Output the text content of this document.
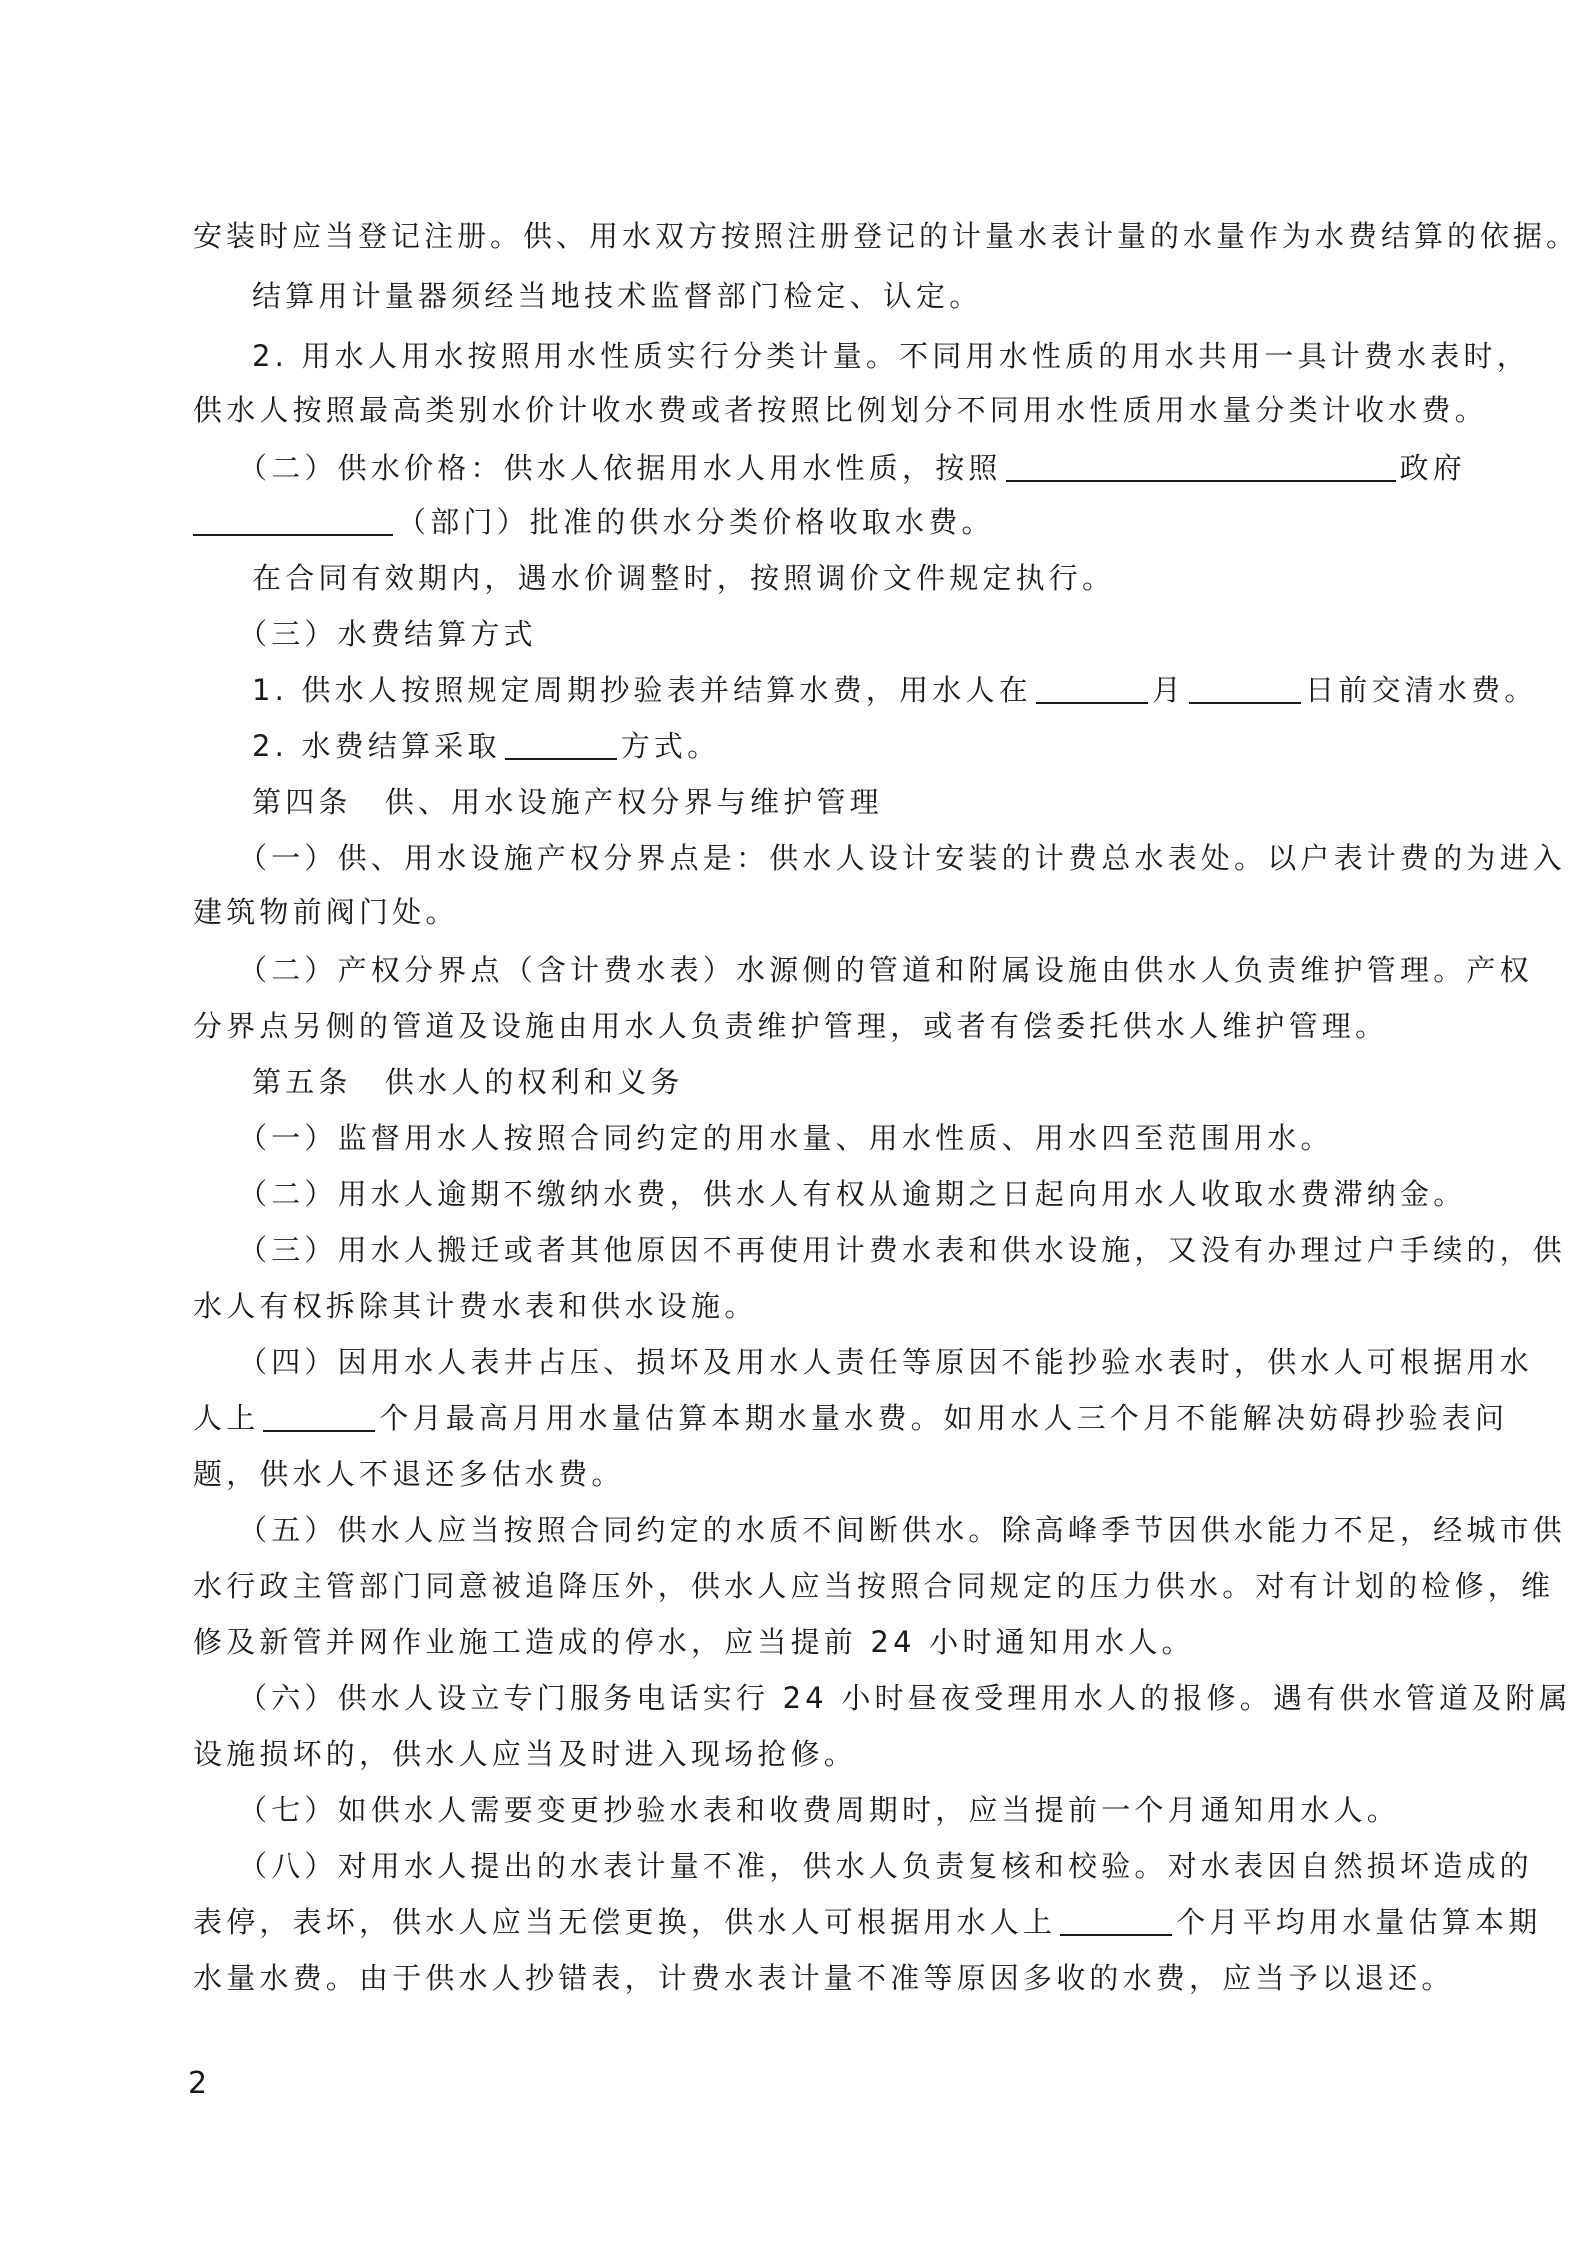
安装时应当登记注册。供、用水双方按照注册登记的计量水表计量的水量作为水费结算的依据。
结算用计量器须经当地技术监督部门检定、认定。
2. 用水人用水按照用水性质实行分类计量。不同用水性质的用水共用一具计费水表时，
供水人按照最高类别水价计收水费或者按照比例划分不同用水性质用水量分类计收水费。
（二）供水价格：供水人依据用水人用水性质，按照	政府
（部门）批准的供水分类价格收取水费。
在合同有效期内，遇水价调整时，按照调价文件规定执行。
（三）水费结算方式
1. 供水人按照规定周期抄验表并结算水费，用水人在	月	日前交清水费。
2. 水费结算采取	方式。
第四条　供、用水设施产权分界与维护管理
（一）供、用水设施产权分界点是：供水人设计安装的计费总水表处。以户表计费的为进入
建筑物前阀门处。
（二）产权分界点（含计费水表）水源侧的管道和附属设施由供水人负责维护管理。产权
分界点另侧的管道及设施由用水人负责维护管理，或者有偿委托供水人维护管理。
第五条　供水人的权利和义务
（一）监督用水人按照合同约定的用水量、用水性质、用水四至范围用水。
（二）用水人逾期不缴纳水费，供水人有权从逾期之日起向用水人收取水费滞纳金。
（三）用水人搬迁或者其他原因不再使用计费水表和供水设施，又没有办理过户手续的，供
水人有权拆除其计费水表和供水设施。
（四）因用水人表井占压、损坏及用水人责任等原因不能抄验水表时，供水人可根据用水
人上	个月最高月用水量估算本期水量水费。如用水人三个月不能解决妨碍抄验表问
题，供水人不退还多估水费。
（五）供水人应当按照合同约定的水质不间断供水。除高峰季节因供水能力不足，经城市供
水行政主管部门同意被追降压外，供水人应当按照合同规定的压力供水。对有计划的检修，维
修及新管并网作业施工造成的停水，应当提前 24 小时通知用水人。
（六）供水人设立专门服务电话实行 24 小时昼夜受理用水人的报修。遇有供水管道及附属
设施损坏的，供水人应当及时进入现场抢修。
（七）如供水人需要变更抄验水表和收费周期时，应当提前一个月通知用水人。
（八）对用水人提出的水表计量不准，供水人负责复核和校验。对水表因自然损坏造成的
表停，表坏，供水人应当无偿更换，供水人可根据用水人上	个月平均用水量估算本期
水量水费。由于供水人抄错表，计费水表计量不准等原因多收的水费，应当予以退还。
2
